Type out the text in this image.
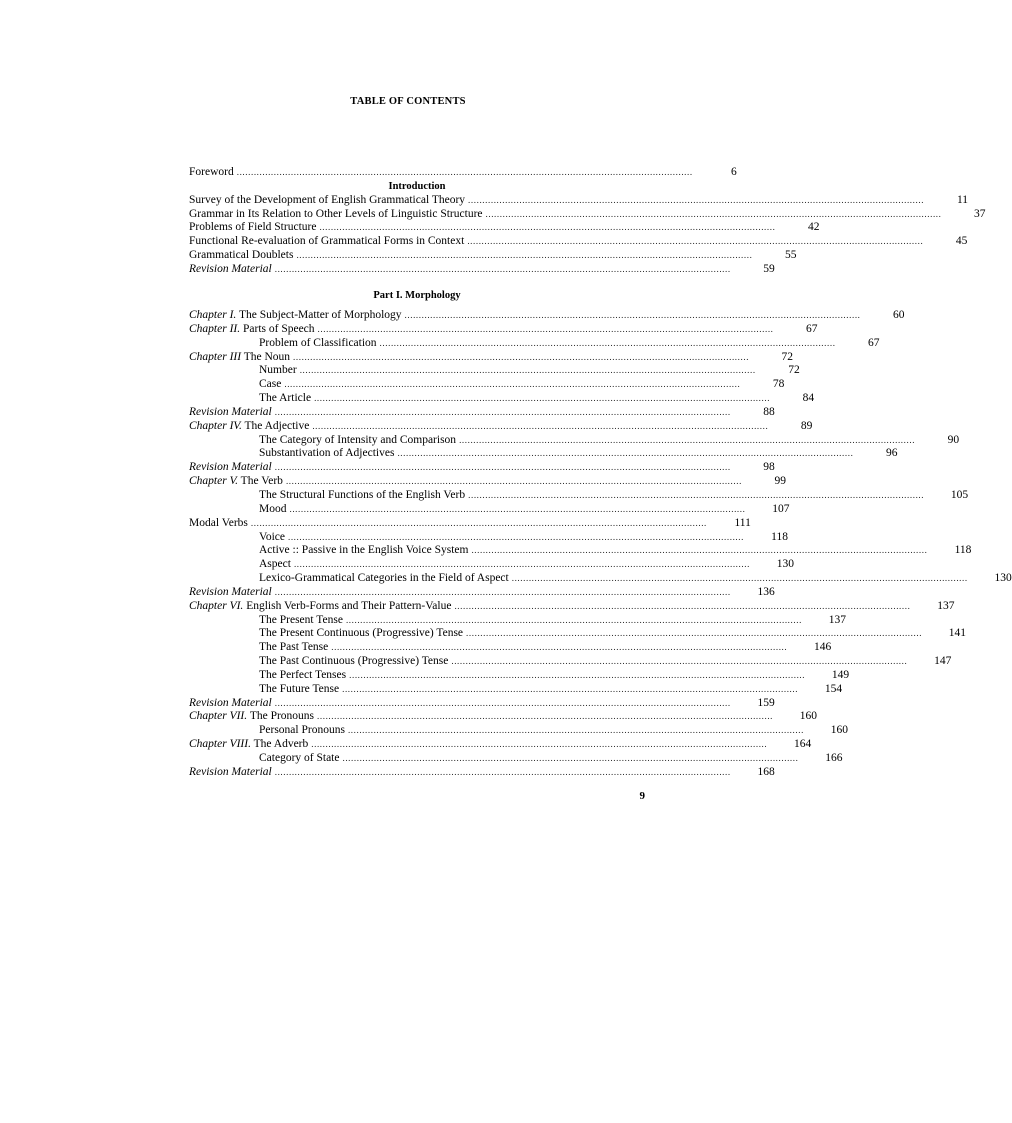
TABLE OF CONTENTS
Foreword ................................................................................................................................................................	6
Introduction
Survey of the Development of English Grammatical Theory ................................................................................................................................................................	11
Grammar in Its Relation to Other Levels of Linguistic Structure ................................................................................................................................................................	37
Problems of Field Structure ................................................................................................................................................................	42
Functional Re-evaluation of Grammatical Forms in Context ................................................................................................................................................................	45
Grammatical Doublets ................................................................................................................................................................	55
Revision Material ................................................................................................................................................................	59
Part I. Morphology
Chapter I. The Subject-Matter of Morphology ................................................................................................................................................................	60
Chapter II. Parts of Speech ................................................................................................................................................................	67
Problem of Classification ................................................................................................................................................................	67
Chapter III The Noun ................................................................................................................................................................	72
Number ................................................................................................................................................................	72
Case ................................................................................................................................................................	78
The Article ................................................................................................................................................................	84
Revision Material ................................................................................................................................................................	88
Chapter IV. The Adjective ................................................................................................................................................................	89
The Category of Intensity and Comparison ................................................................................................................................................................	90
Substantivation of Adjectives ................................................................................................................................................................	96
Revision Material ................................................................................................................................................................	98
Chapter V. The Verb ................................................................................................................................................................	99
The Structural Functions of the English Verb ................................................................................................................................................................	105
Mood ................................................................................................................................................................	107
Modal Verbs ................................................................................................................................................................	111
Voice ................................................................................................................................................................	118
Active :: Passive in the English Voice System ................................................................................................................................................................	118
Aspect ................................................................................................................................................................	130
Lexico-Grammatical Categories in the Field of Aspect ................................................................................................................................................................	130
Revision Material ................................................................................................................................................................	136
Chapter VI. English Verb-Forms and Their Pattern-Value ................................................................................................................................................................	137
The Present Tense ................................................................................................................................................................	137
The Present Continuous (Progressive) Tense ................................................................................................................................................................	141
The Past Tense ................................................................................................................................................................	146
The Past Continuous (Progressive) Tense ................................................................................................................................................................	147
The Perfect Tenses ................................................................................................................................................................	149
The Future Tense ................................................................................................................................................................	154
Revision Material ................................................................................................................................................................	159
Chapter VII. The Pronouns ................................................................................................................................................................	160
Personal Pronouns ................................................................................................................................................................	160
Chapter VIII. The Adverb ................................................................................................................................................................	164
Category of State ................................................................................................................................................................	166
Revision Material ................................................................................................................................................................	168
9
